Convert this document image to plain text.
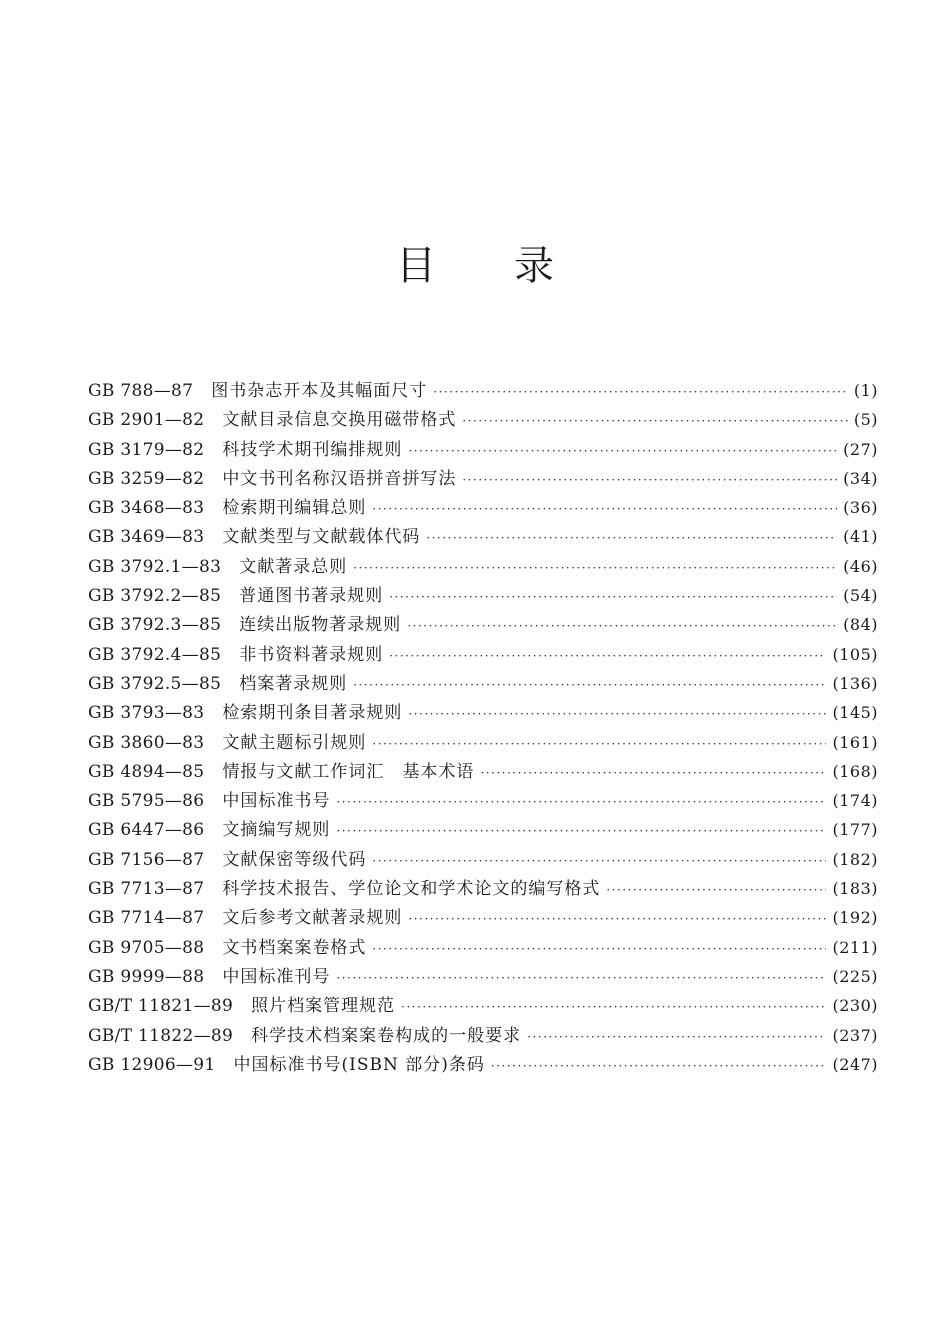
目录
GB 788—87 图书杂志开本及其幅面尺寸 ·····	(1)
GB 2901—82 文献目录信息交换用磁带格式 ·····	(5)
GB 3179—82 科技学术期刊编排规则 ·····	(27)
GB 3259—82 中文书刊名称汉语拼音拼写法 ·····	(34)
GB 3468—83 检索期刊编辑总则 ·····	(36)
GB 3469—83 文献类型与文献载体代码 ·····	(41)
GB 3792.1—83 文献著录总则 ·····	(46)
GB 3792.2—85 普通图书著录规则 ·····	(54)
GB 3792.3—85 连续出版物著录规则 ·····	(84)
GB 3792.4—85 非书资料著录规则 ·····	(105)
GB 3792.5—85 档案著录规则 ·····	(136)
GB 3793—83 检索期刊条目著录规则 ·····	(145)
GB 3860—83 文献主题标引规则 ·····	(161)
GB 4894—85 情报与文献工作词汇　基本术语 ·····	(168)
GB 5795—86 中国标准书号 ·····	(174)
GB 6447—86 文摘编写规则 ·····	(177)
GB 7156—87 文献保密等级代码 ·····	(182)
GB 7713—87 科学技术报告、学位论文和学术论文的编写格式 ·····	(183)
GB 7714—87 文后参考文献著录规则 ·····	(192)
GB 9705—88 文书档案案卷格式 ·····	(211)
GB 9999—88 中国标准刊号 ·····	(225)
GB/T 11821—89 照片档案管理规范 ·····	(230)
GB/T 11822—89 科学技术档案案卷构成的一般要求 ·····	(237)
GB 12906—91 中国标准书号(ISBN 部分)条码 ·····	(247)
